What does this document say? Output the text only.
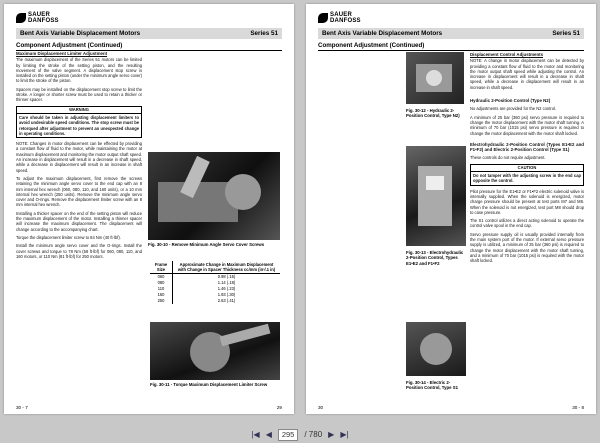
SAUER
DANFOSS
Bent Axis Variable Displacement Motors	Series 51
Component Adjustment (Continued)
Maximum Displacement Limiter Adjustment

The maximum displacement of the Series 51 motors can be limited by limiting the stroke of the setting piston, and the resulting movement of the valve segment. A displacement stop screw is installed on the setting piston (under the minimum angle servo cover) to limit the stroke of the piston.

Spacers may be installed on the displacement stop screw to limit the stroke. A longer or shorter screw must be used to retain a thicker or thinner spacer.

WARNING
Care should be taken in adjusting displacement limiters to avoid undesirable speed conditions. The stop screw must be retorqued after adjustment to prevent an unexpected change in operating conditions.

NOTE: Changes in motor displacement can be effected by providing a constant flow of fluid to the motor, while maintaining the motor at maximum displacement and monitoring the motor output shaft speed. An increase in displacement will result in a decrease in shaft speed, while a decrease in displacement will result in an increase in shaft speed.

To adjust the maximum displacement, first remove the screws retaining the minimum angle servo cover to the end cap with an 8 mm internal hex wrench (060, 080, 110, and 160 units), or a 10 mm internal hex wrench (250 units). Remove the minimum angle servo cover and O-rings. Remove the displacement limiter screw with an 8 mm internal hex wrench.

Installing a thicker spacer on the end of the setting piston will reduce the maximum displacement of the motor. Installing a thinner spacer will increase the maximum displacement. The displacement will change according to the accompanying chart.

Torque the displacement limiter screw to 84 Nm (40 ft·lbf).

Install the minimum angle servo cover and the O-rings. Install the cover screws and torque to 78 Nm (58 ft·lbf) for 060, 080, 110, and 160 motors, or 110 Nm (81 ft·lbf) for 250 motors.

Fig. 30-10 - Remove Minimum Angle Servo Cover Screws
Frame Size	Approximate Change in Maximum Displacement with Change in Spacer Thickness cc/mm (in³/.1 in)
060	0.98 (.15)
080	1.14 (.18)
110	1.46 (.23)
160	1.93 (.30)
250	2.63 (.41)
Fig. 30-11 - Torque Maximum Displacement Limiter Screw
30 - 7	29
SAUER
DANFOSS
Bent Axis Variable Displacement Motors	Series 51
Component Adjustment (Continued)
Fig. 30-12 - Hydraulic 2-Position Control, Type N2)
Fig. 30-13 - Electrohydraulic 2-Position Control, Types E1•E2 and F1•F2
Fig. 30-14 - Electric 2-Position Control, Type S1
Displacement Control Adjustments

NOTE: A change in motor displacement can be detected by providing a constant flow of fluid to the motor and monitoring the motor output shaft speed while adjusting the control. An increase in displacement will result in a decrease in shaft speed, while a decrease in displacement will result in an increase in shaft speed.

Hydraulic 2-Position Control (Type N2)

No adjustments are provided for the N2 control.

A minimum of 25 bar (360 psi) servo pressure is required to change the motor displacement with the motor shaft turning. A minimum of 70 bar (1015 psi) servo pressure is required to change the motor displacement with the motor shaft locked.

Electrohydraulic 2-Position Control (Types E1•E2 and F1•F2) and Electric 2-Position Control (Type S1)

These controls do not require adjustment.

CAUTION
Do not tamper with the adjusting screw in the end cap opposite the control.

Pilot pressure for the E1•E2 or F1•F2 electric solenoid valve is internally supplied. When the solenoid is energized, motor charge pressure should be present at test ports M7 and M8. When the solenoid is not energized, test port M8 should drop to case pressure.

The S1 control utilizes a direct acting solenoid to operate the control valve spool in the end cap.

Servo pressure supply oil is usually provided internally from the main system port of the motor. If external servo pressure supply is utilized, a minimum of 25 bar (360 psi) is required to change the motor displacement with the motor shaft turning, and a minimum of 70 bar (1015 psi) is required with the motor shaft locked.

30	30 - 8
|◀ ◀	295	/ 780 ▶ ▶|
